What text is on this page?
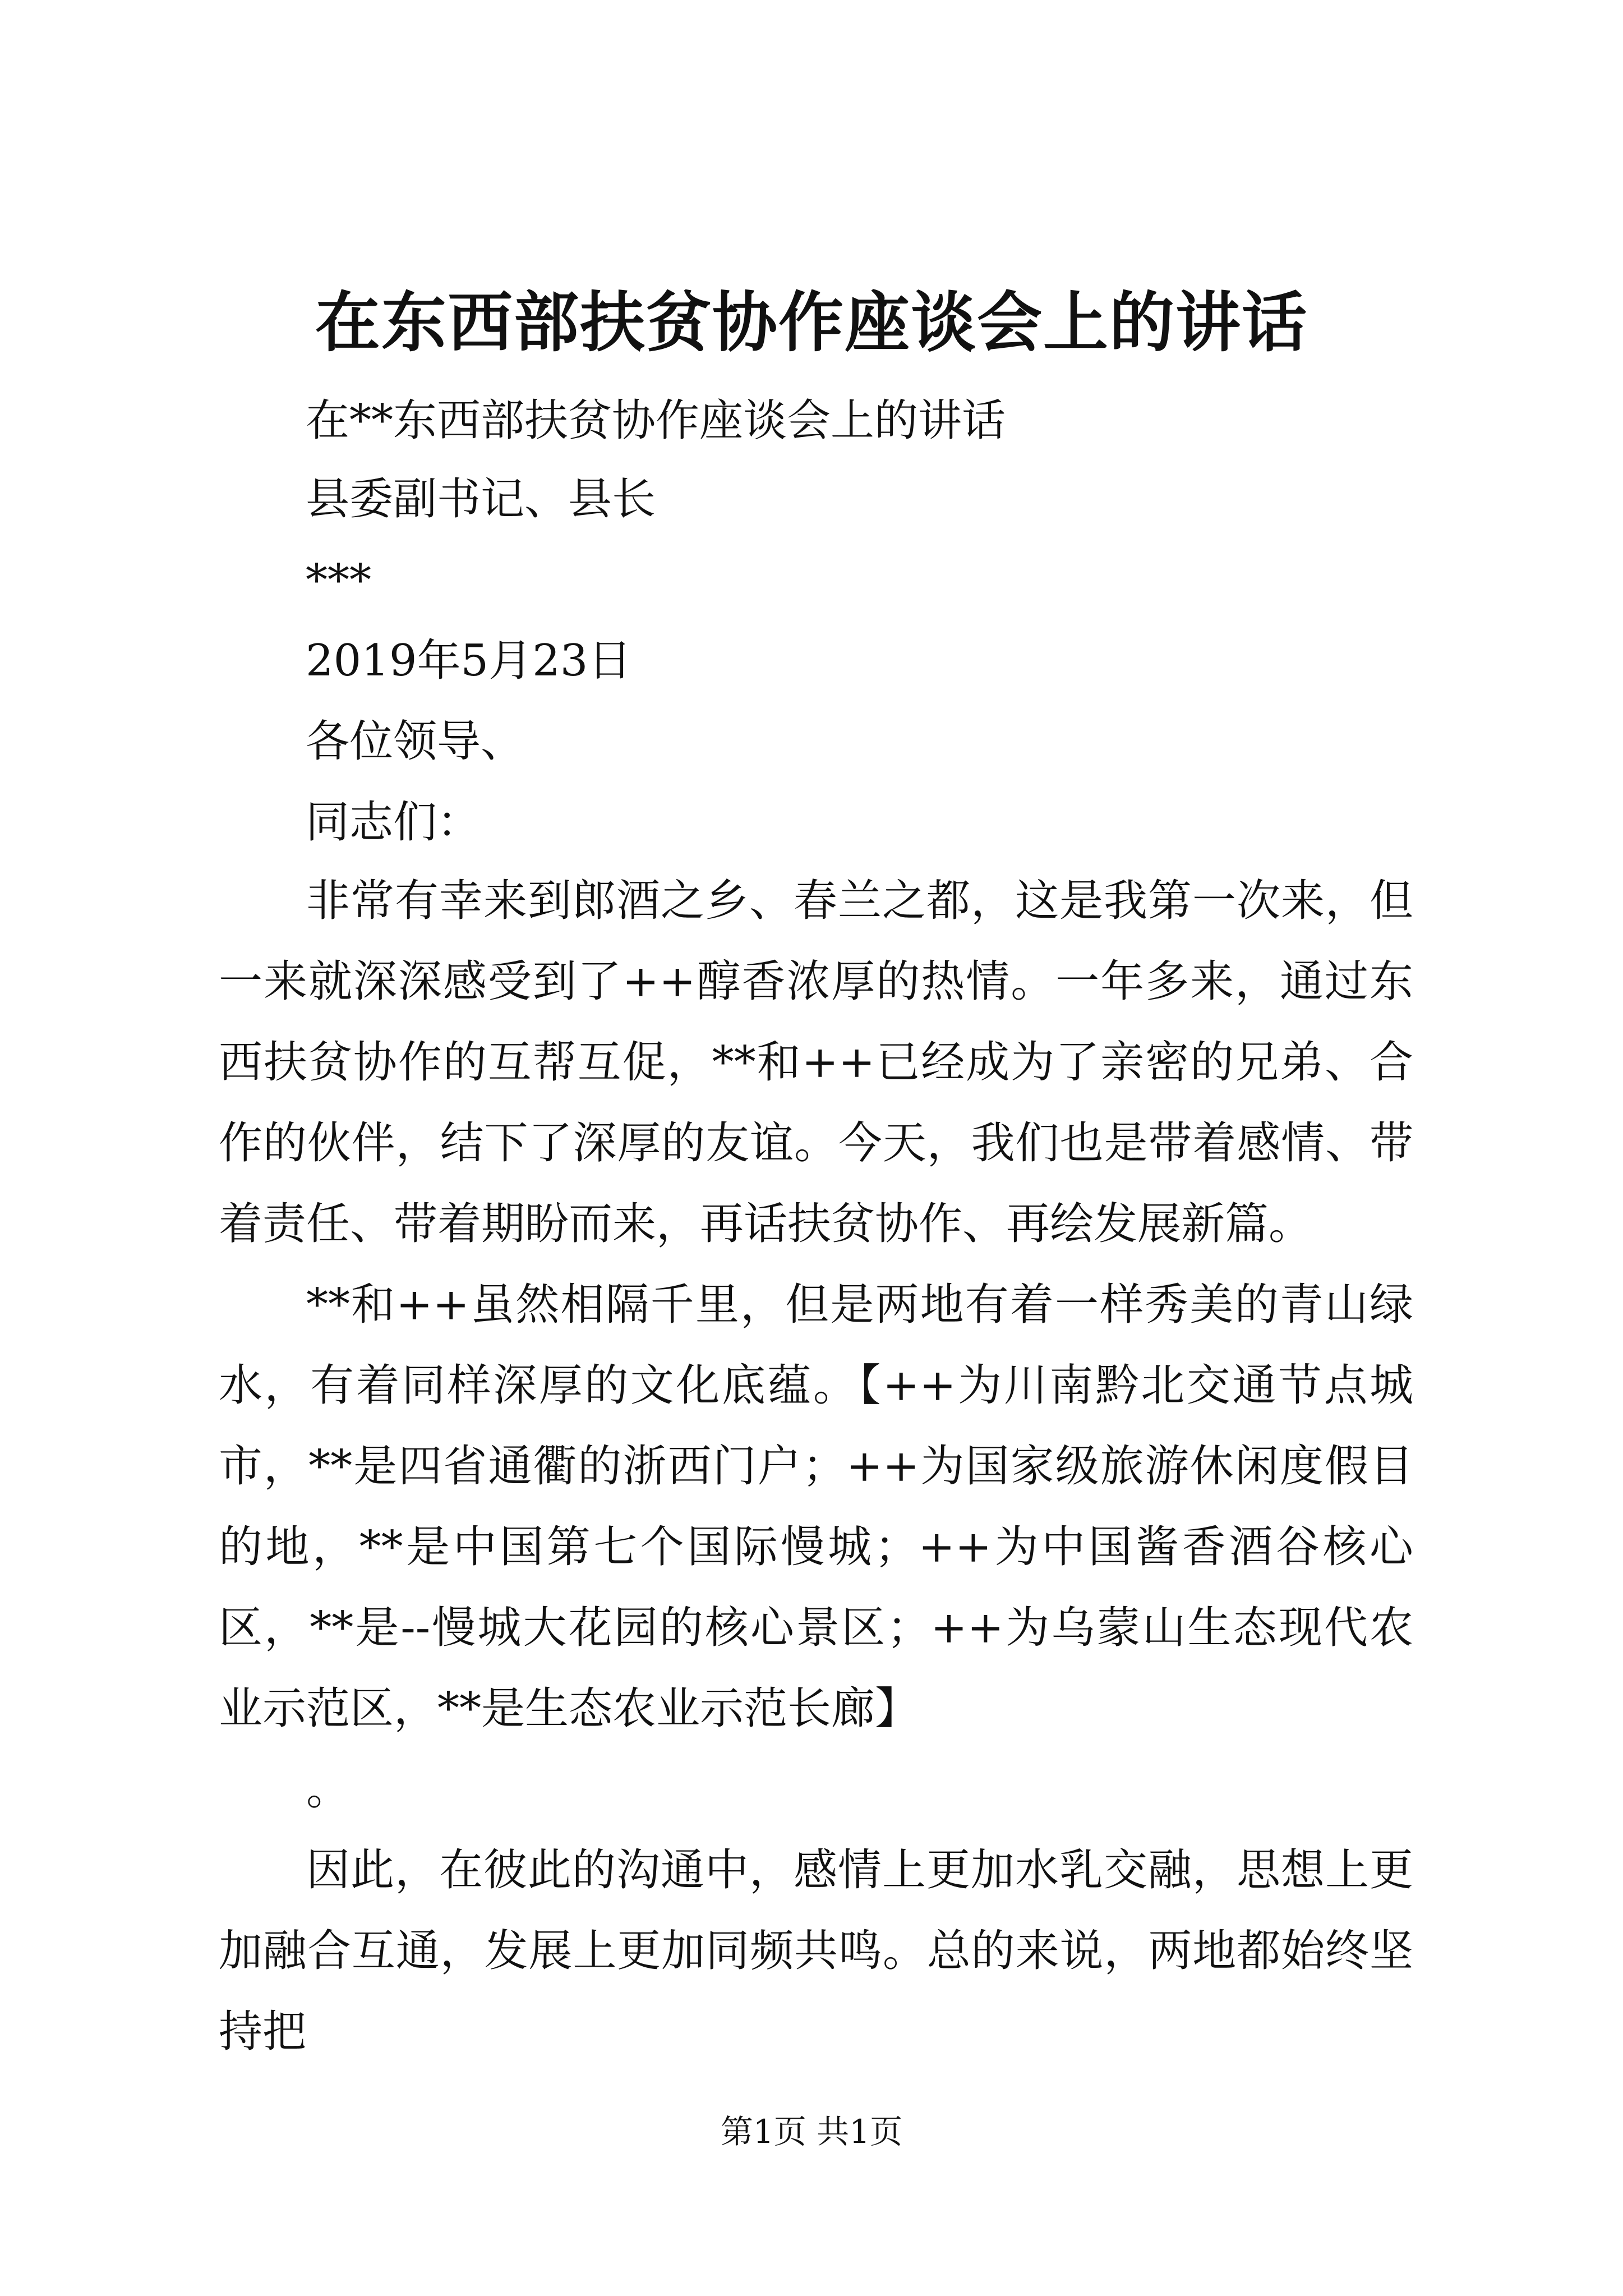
在东西部扶贫协作座谈会上的讲话
在**东西部扶贫协作座谈会上的讲话
县委副书记、县长
***
2019年5月23日
各位领导、
同志们：

非常有幸来到郎酒之乡、春兰之都，这是我第一次来，但一来就深深感受到了++醇香浓厚的热情。一年多来，通过东西扶贫协作的互帮互促，**和++已经成为了亲密的兄弟、合作的伙伴，结下了深厚的友谊。今天，我们也是带着感情、带着责任、带着期盼而来，再话扶贫协作、再绘发展新篇。

**和++虽然相隔千里，但是两地有着一样秀美的青山绿水，有着同样深厚的文化底蕴。【++为川南黔北交通节点城市，**是四省通衢的浙西门户；++为国家级旅游休闲度假目的地，**是中国第七个国际慢城；++为中国酱香酒谷核心区，**是--慢城大花园的核心景区；++为乌蒙山生态现代农业示范区，**是生态农业示范长廊】

。

因此，在彼此的沟通中，感情上更加水乳交融，思想上更加融合互通，发展上更加同频共鸣。总的来说，两地都始终坚持把

第1页 共1页
